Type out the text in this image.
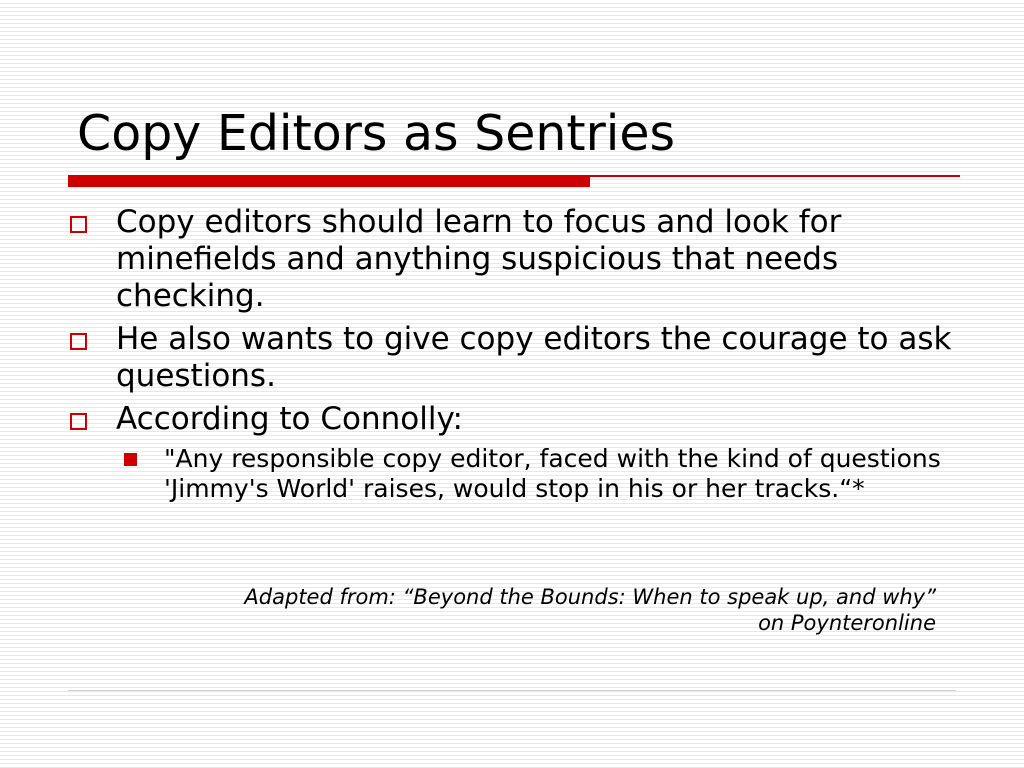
Copy Editors as Sentries
Copy editors should learn to focus and look for minefields and anything suspicious that needs checking.
He also wants to give copy editors the courage to ask questions.
According to Connolly:
"Any responsible copy editor, faced with the kind of questions 'Jimmy's World' raises, would stop in his or her tracks.“*
Adapted from: “Beyond the Bounds: When to speak up, and why”
on Poynteronline
